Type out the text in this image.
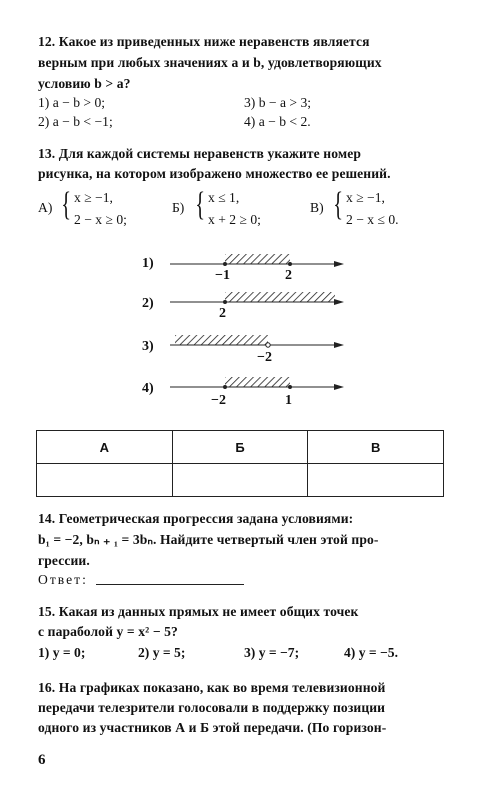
12. Какое из приведенных ниже неравенств является
верным при любых значениях a и b, удовлетворяющих
условию b > a?
1) a − b > 0;	3) b − a > 3;
2) a − b < −1;	4) a − b < 2.
13. Для каждой системы неравенств укажите номер
рисунка, на котором изображено множество ее решений.
А) { x ≥ −1,
2 − x ≥ 0;
Б) { x ≤ 1,
x + 2 ≥ 0;
В) { x ≥ −1,
2 − x ≤ 0.
1)
−1	2
2)
2
3)
−2
4)
−2	1
А	Б	В

14. Геометрическая прогрессия задана условиями:
b₁ = −2, bₙ ₊ ₁ = 3bₙ. Найдите четвертый член этой про-
грессии.
Ответ:
15. Какая из данных прямых не имеет общих точек
с параболой y = x² − 5?
1) y = 0;	2) y = 5;	3) y = −7;	4) y = −5.
16. На графиках показано, как во время телевизионной
передачи телезрители голосовали в поддержку позиции
одного из участников А и Б этой передачи. (По горизон-
6
